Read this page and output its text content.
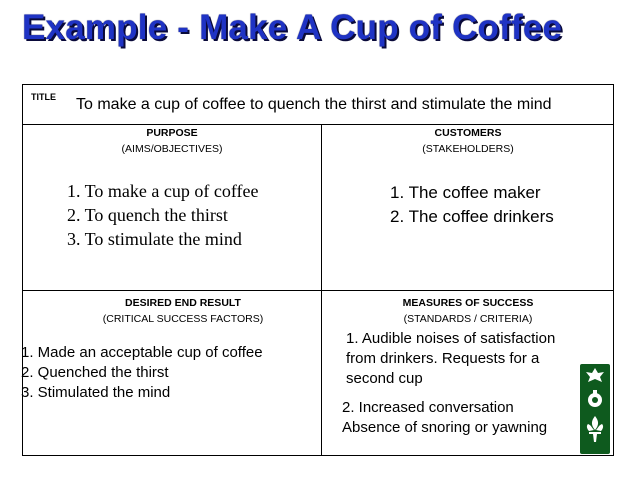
Example - Make A Cup of Coffee
TITLE To make a cup of coffee to quench the thirst and stimulate the mind
PURPOSE
(AIMS/OBJECTIVES)
1. To make a cup of coffee
2. To quench the thirst
3. To stimulate the mind
CUSTOMERS
(STAKEHOLDERS)
1. The coffee maker
2. The coffee drinkers
DESIRED END RESULT
(CRITICAL SUCCESS FACTORS)
1. Made an acceptable cup of coffee
2. Quenched the thirst
3. Stimulated the mind
MEASURES OF SUCCESS
(STANDARDS / CRITERIA)
1. Audible noises of satisfaction
from drinkers. Requests for a
second cup
2. Increased conversation
Absence of snoring or yawning
